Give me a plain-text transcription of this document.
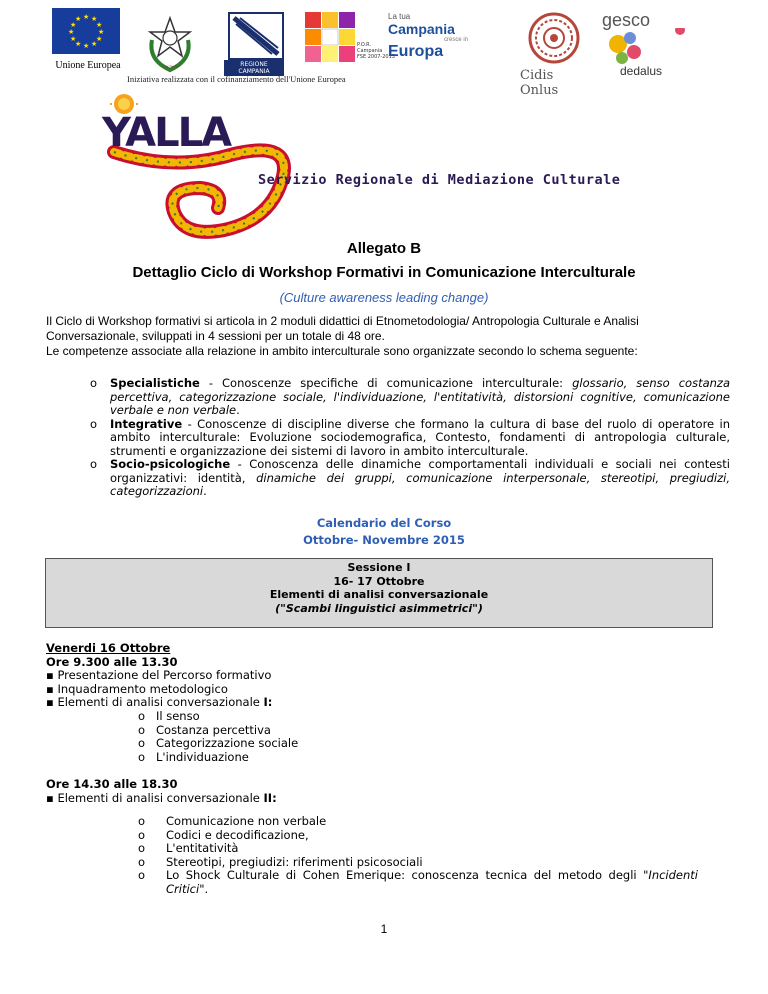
★ ★
★
★
★
★
★
★
★
★
★
★
Unione Europea	~~~	REGIONE CAMPANIA
P.O.R.
Campania
FSE 2007-2013
La tua
Campania
cresce in
Europa
Cidis Onlus
gesco
dedalus
Iniziativa realizzata con il cofinanziamento dell'Unione Europea
YALLA
Servizio Regionale di Mediazione Culturale
Allegato B
Dettaglio Ciclo di Workshop Formativi in Comunicazione Interculturale
(Culture awareness leading change)
Il Ciclo di Workshop formativi si articola in 2 moduli didattici di Etnometodologia/ Antropologia Culturale e Analisi Conversazionale, sviluppati in 4 sessioni per un totale di 48 ore.
Le competenze associate alla relazione in ambito interculturale sono organizzate secondo lo schema seguente:
o Specialistiche - Conoscenze specifiche di comunicazione interculturale: glossario, senso costanza percettiva, categorizzazione sociale, l'individuazione, l'entitatività, distorsioni cognitive, comunicazione verbale e non verbale.
o Integrative - Conoscenze di discipline diverse che formano la cultura di base del ruolo di operatore in ambito interculturale: Evoluzione sociodemografica, Contesto, fondamenti di antropologia culturale, strumenti e organizzazione dei sistemi di lavoro in ambito interculturale.
o Socio-psicologiche - Conoscenza delle dinamiche comportamentali individuali e sociali nei contesti organizzativi: identità, dinamiche dei gruppi, comunicazione interpersonale, stereotipi, pregiudizi, categorizzazioni.
Calendario del Corso
Ottobre- Novembre 2015
Sessione I
16- 17 Ottobre
Elementi di analisi conversazionale
("Scambi linguistici asimmetrici")
Venerdi 16 Ottobre
Ore 9.300 alle 13.30
▪ Presentazione del Percorso formativo
▪ Inquadramento metodologico
▪ Elementi di analisi conversazionale I:
o Il senso
o Costanza percettiva
o Categorizzazione sociale
o L'individuazione
Ore 14.30 alle 18.30
▪ Elementi di analisi conversazionale II:
o Comunicazione non verbale
o Codici e decodificazione,
o L'entitatività
o Stereotipi, pregiudizi: riferimenti psicosociali
o Lo Shock Culturale di Cohen Emerique: conoscenza tecnica del metodo degli "Incidenti Critici".
1
